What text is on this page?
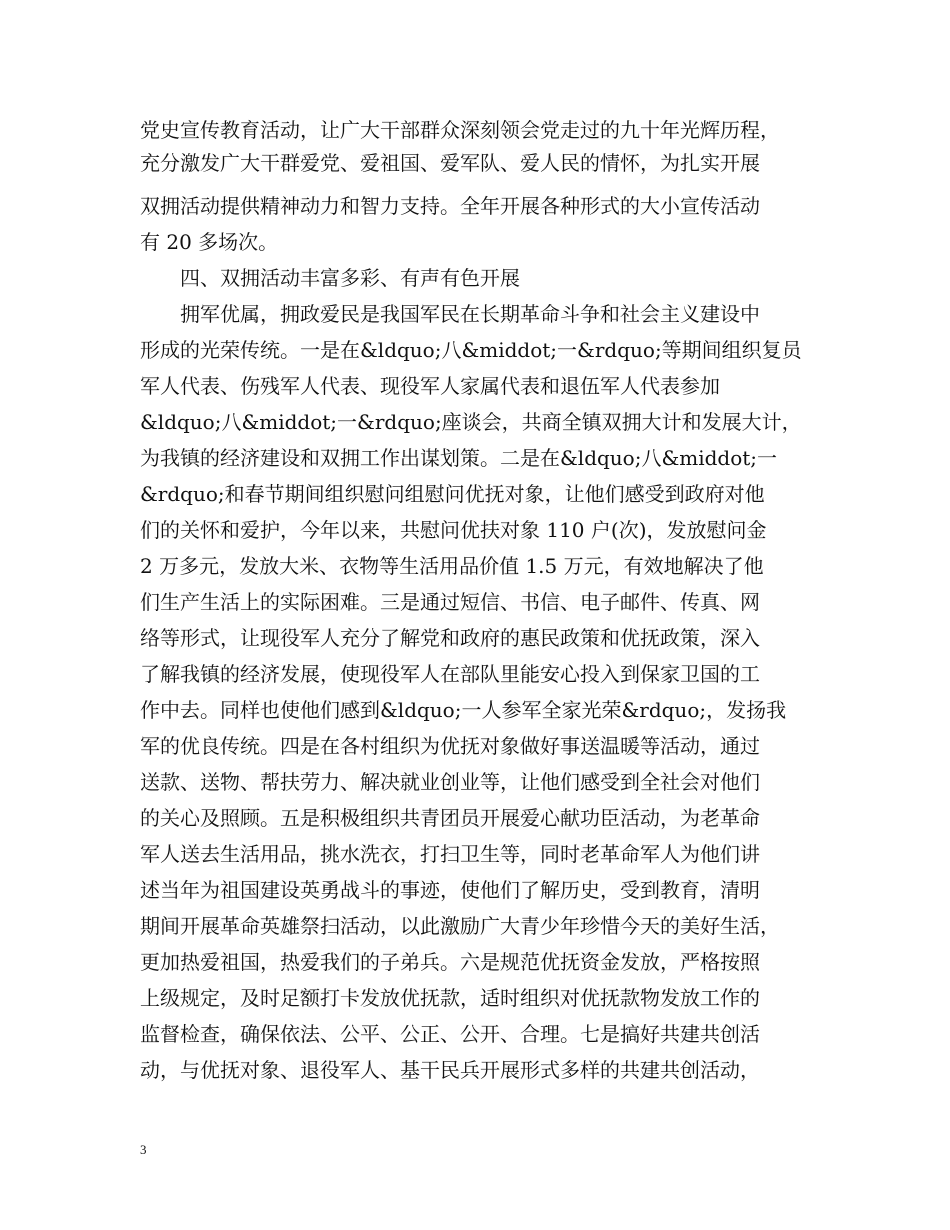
党史宣传教育活动，让广大干部群众深刻领会党走过的九十年光辉历程，
充分激发广大干群爱党、爱祖国、爱军队、爱人民的情怀，为扎实开展
双拥活动提供精神动力和智力支持。全年开展各种形式的大小宣传活动
有 20 多场次。
　　四、双拥活动丰富多彩、有声有色开展
　　拥军优属，拥政爱民是我国军民在长期革命斗争和社会主义建设中
形成的光荣传统。一是在&ldquo;八&middot;一&rdquo;等期间组织复员
军人代表、伤残军人代表、现役军人家属代表和退伍军人代表参加
&ldquo;八&middot;一&rdquo;座谈会，共商全镇双拥大计和发展大计，
为我镇的经济建设和双拥工作出谋划策。二是在&ldquo;八&middot;一
&rdquo;和春节期间组织慰问组慰问优抚对象，让他们感受到政府对他
们的关怀和爱护，今年以来，共慰问优扶对象 110 户(次)，发放慰问金
2 万多元，发放大米、衣物等生活用品价值 1.5 万元，有效地解决了他
们生产生活上的实际困难。三是通过短信、书信、电子邮件、传真、网
络等形式，让现役军人充分了解党和政府的惠民政策和优抚政策，深入
了解我镇的经济发展，使现役军人在部队里能安心投入到保家卫国的工
作中去。同样也使他们感到&ldquo;一人参军全家光荣&rdquo;，发扬我
军的优良传统。四是在各村组织为优抚对象做好事送温暖等活动，通过
送款、送物、帮扶劳力、解决就业创业等，让他们感受到全社会对他们
的关心及照顾。五是积极组织共青团员开展爱心献功臣活动，为老革命
军人送去生活用品，挑水洗衣，打扫卫生等，同时老革命军人为他们讲
述当年为祖国建设英勇战斗的事迹，使他们了解历史，受到教育，清明
期间开展革命英雄祭扫活动，以此激励广大青少年珍惜今天的美好生活，
更加热爱祖国，热爱我们的子弟兵。六是规范优抚资金发放，严格按照
上级规定，及时足额打卡发放优抚款，适时组织对优抚款物发放工作的
监督检查，确保依法、公平、公正、公开、合理。七是搞好共建共创活
动，与优抚对象、退役军人、基干民兵开展形式多样的共建共创活动，
3
